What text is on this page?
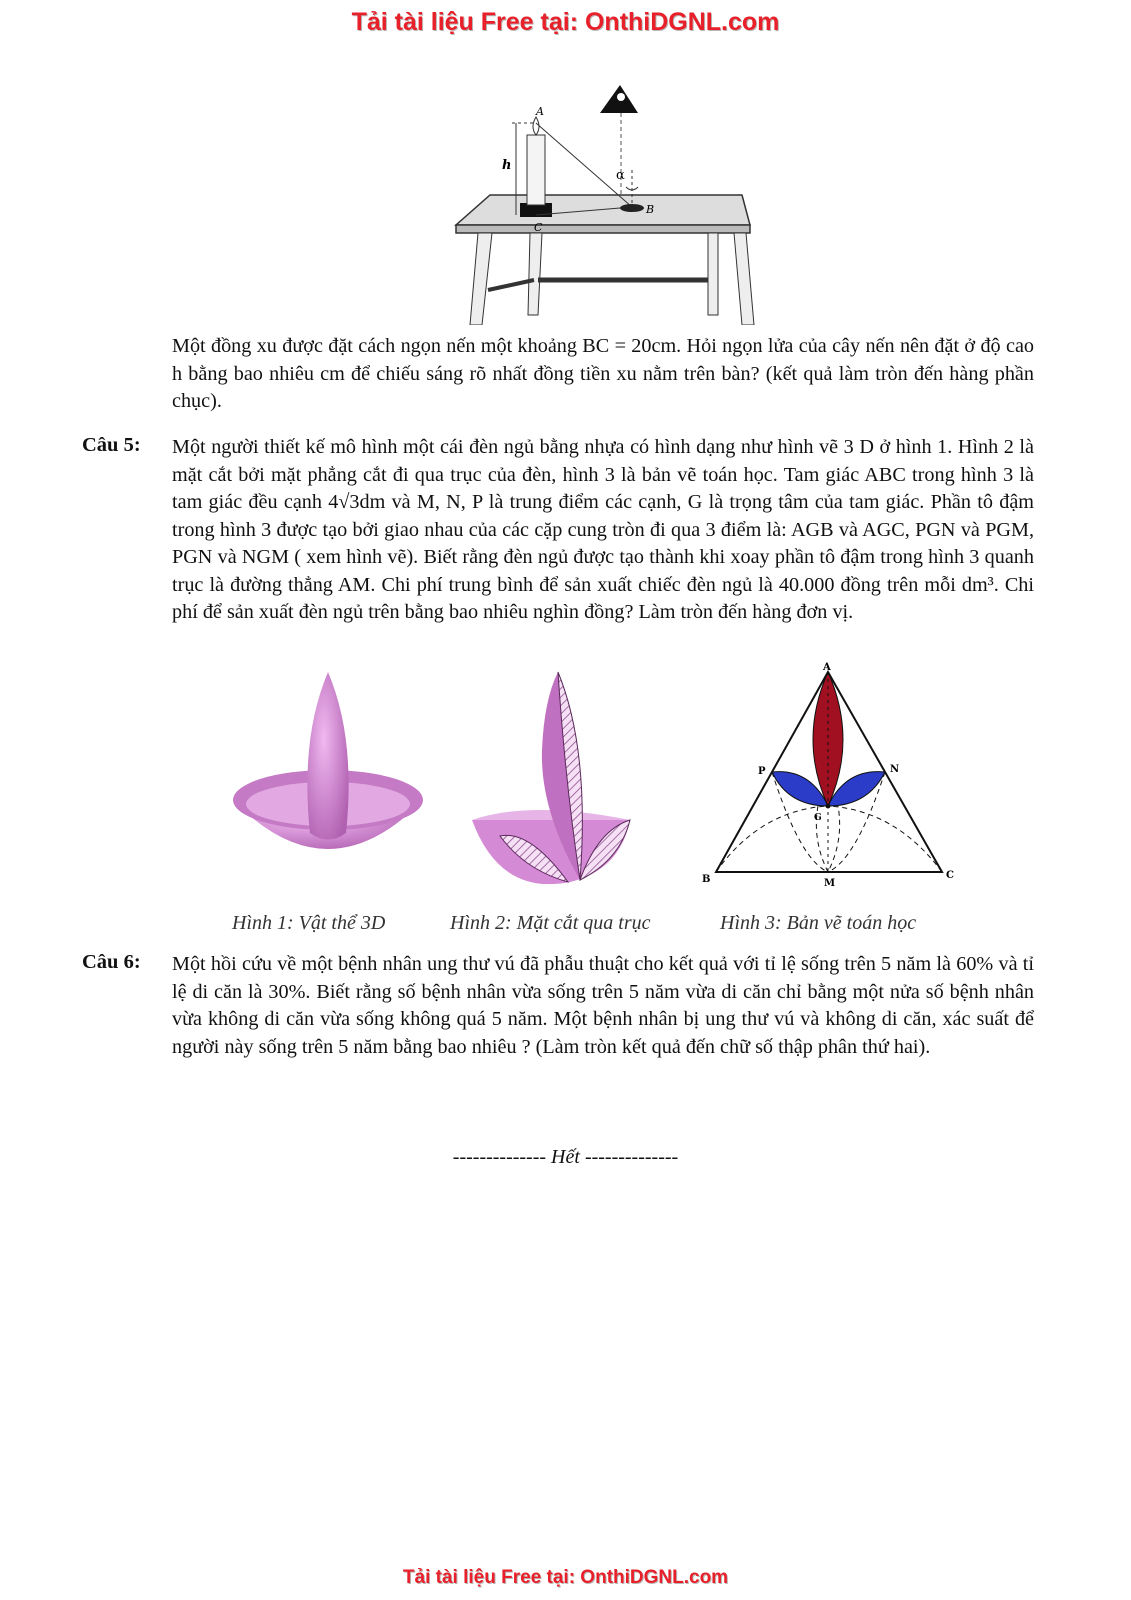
Tải tài liệu Free tại: OnthiDGNL.com
A
h
α
B
C
Một đồng xu được đặt cách ngọn nến một khoảng BC = 20cm. Hỏi ngọn lửa của cây nến nên đặt ở độ cao h bằng bao nhiêu cm để chiếu sáng rõ nhất đồng tiền xu nằm trên bàn? (kết quả làm tròn đến hàng phần chục).
Câu 5: Một người thiết kế mô hình một cái đèn ngủ bằng nhựa có hình dạng như hình vẽ 3 D ở hình 1. Hình 2 là mặt cắt bởi mặt phẳng cắt đi qua trục của đèn, hình 3 là bản vẽ toán học. Tam giác ABC trong hình 3 là tam giác đều cạnh 4√3dm và M, N, P là trung điểm các cạnh, G là trọng tâm của tam giác. Phần tô đậm trong hình 3 được tạo bởi giao nhau của các cặp cung tròn đi qua 3 điểm là: AGB và AGC, PGN và PGM, PGN và NGM ( xem hình vẽ). Biết rằng đèn ngủ được tạo thành khi xoay phần tô đậm trong hình 3 quanh trục là đường thẳng AM. Chi phí trung bình để sản xuất chiếc đèn ngủ là 40.000 đồng trên mỗi dm³. Chi phí để sản xuất đèn ngủ trên bằng bao nhiêu nghìn đồng? Làm tròn đến hàng đơn vị.
A
P	N
G
B	M
C
Hình 1: Vật thể 3D	Hình 2: Mặt cắt qua trục	Hình 3: Bản vẽ toán học
Câu 6: Một hồi cứu về một bệnh nhân ung thư vú đã phẫu thuật cho kết quả với tỉ lệ sống trên 5 năm là 60% và tỉ lệ di căn là 30%. Biết rằng số bệnh nhân vừa sống trên 5 năm vừa di căn chỉ bằng một nửa số bệnh nhân vừa không di căn vừa sống không quá 5 năm. Một bệnh nhân bị ung thư vú và không di căn, xác suất để người này sống trên 5 năm bằng bao nhiêu ? (Làm tròn kết quả đến chữ số thập phân thứ hai).
-------------- Hết --------------
Tải tài liệu Free tại: OnthiDGNL.com
